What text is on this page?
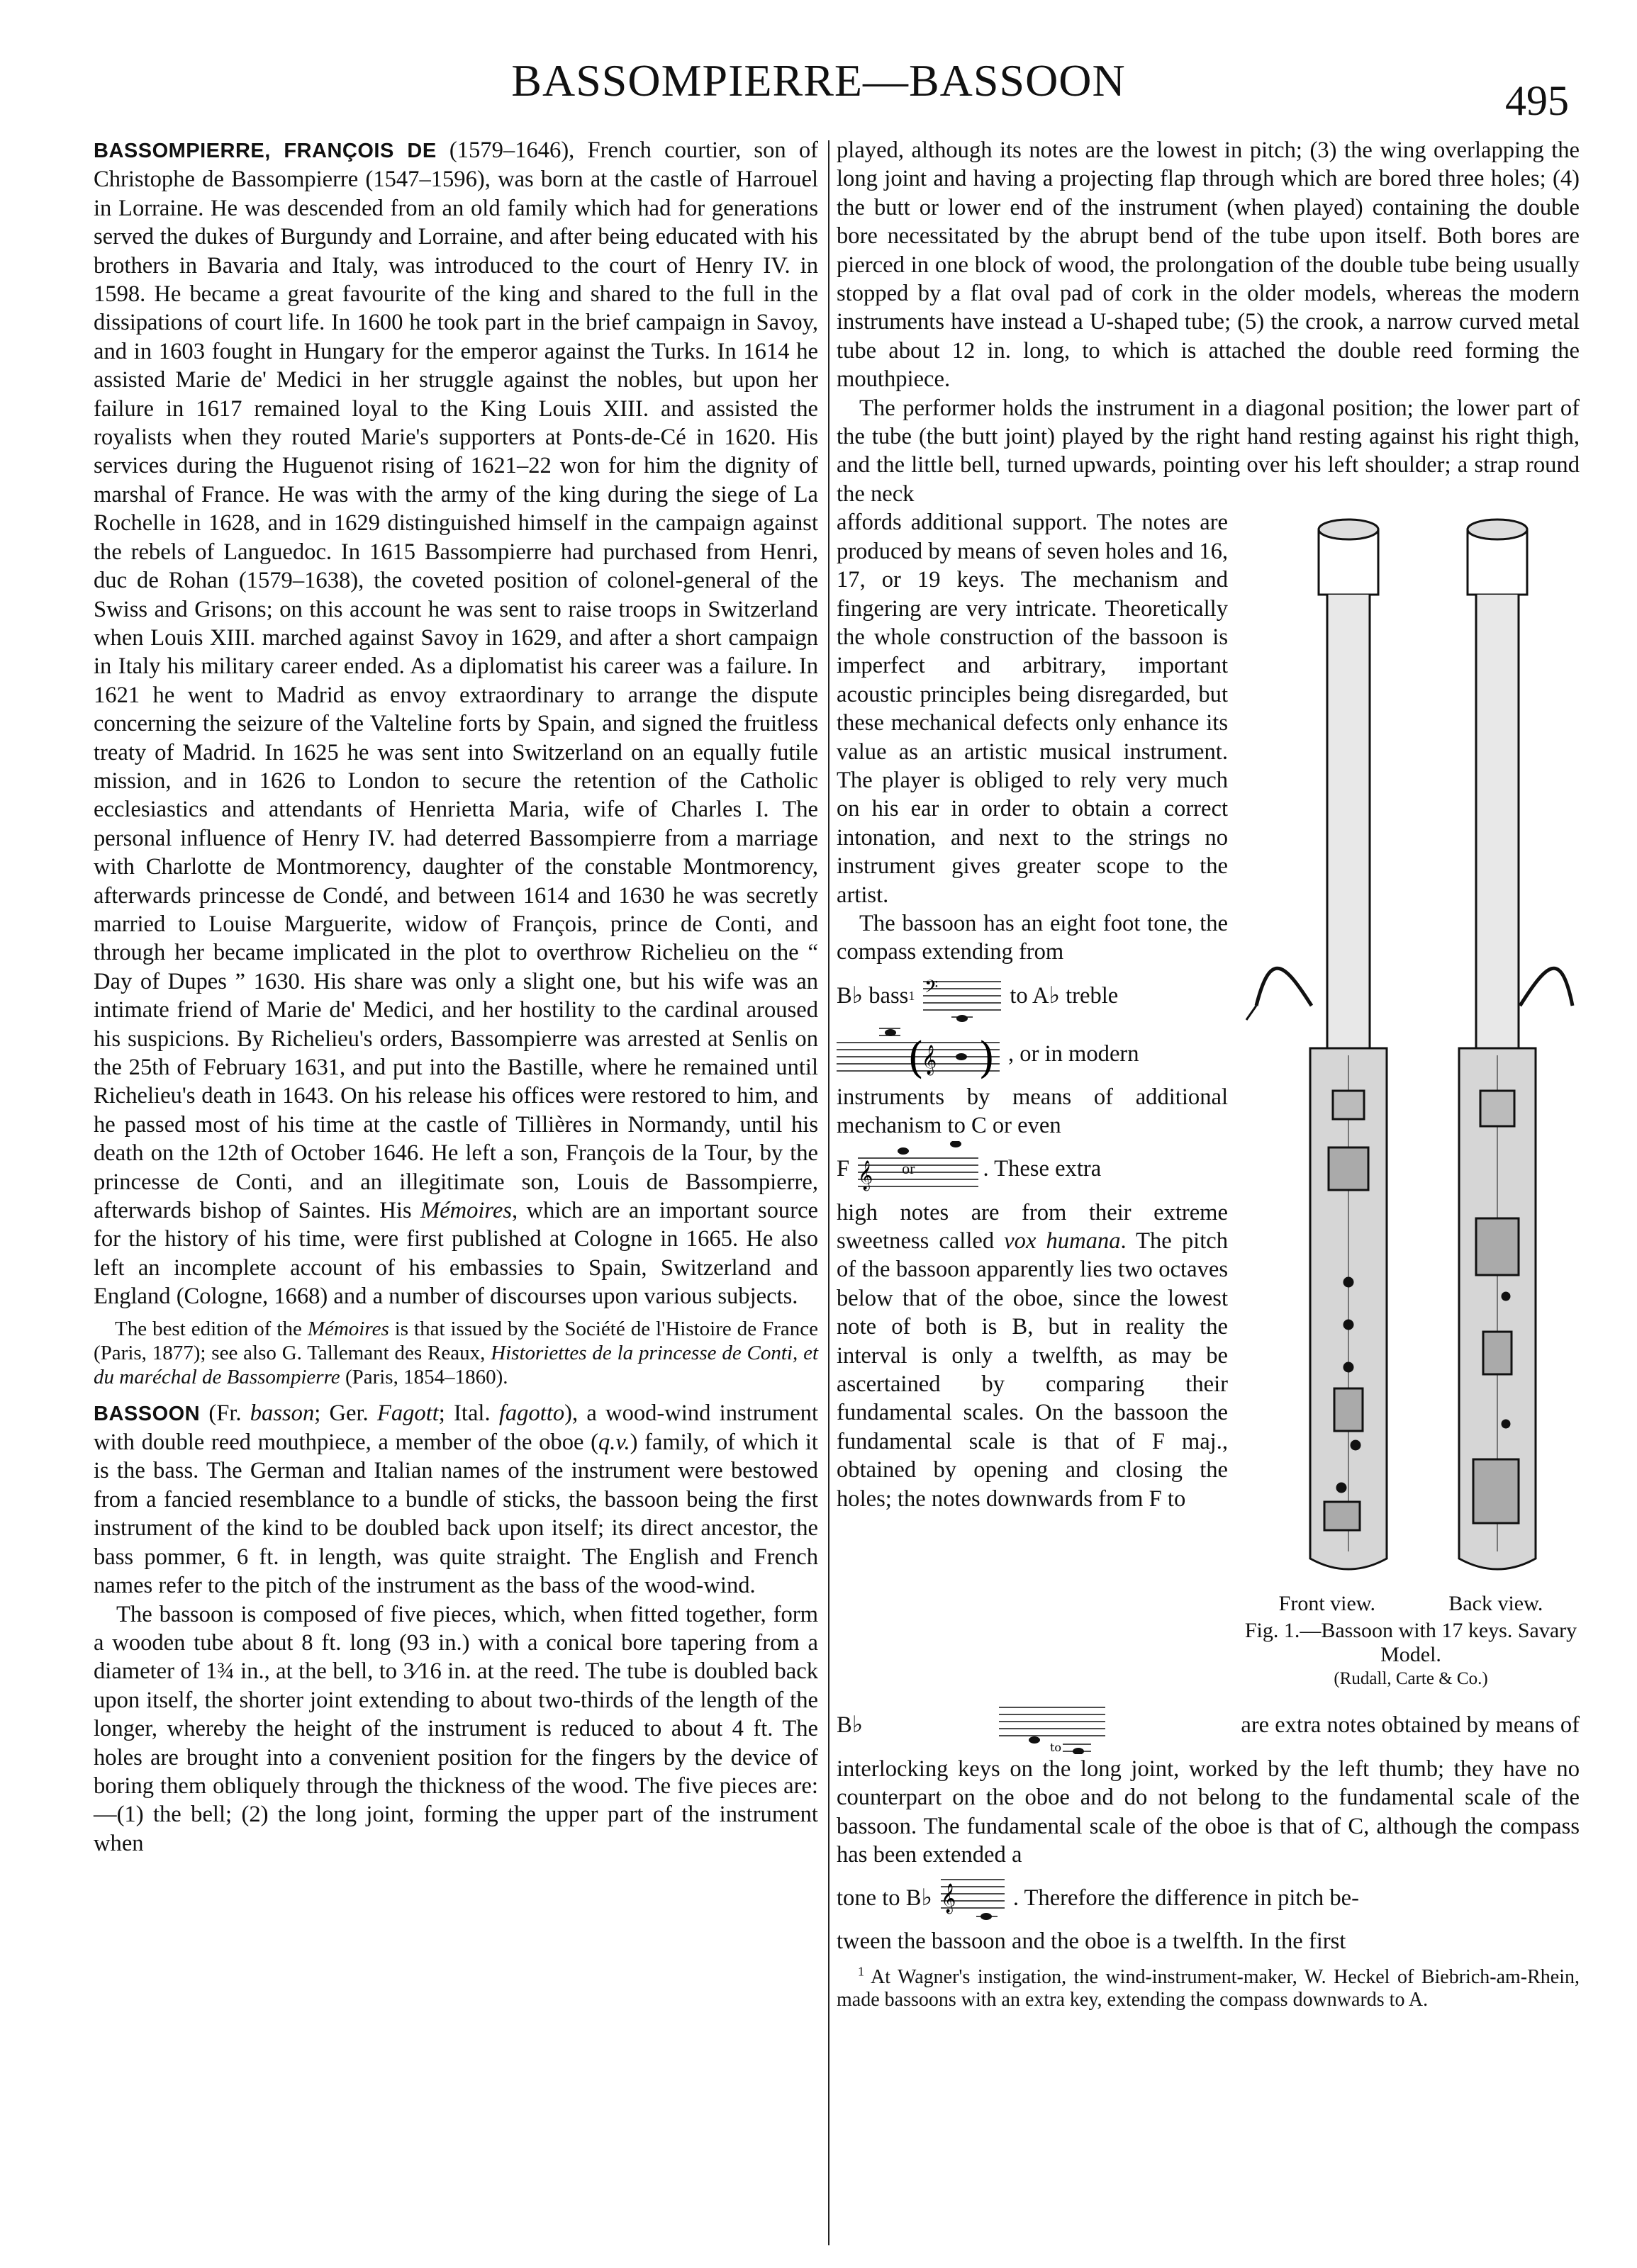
BASSOMPIERRE—BASSOON	495

BASSOMPIERRE, FRANÇOIS DE (1579–1646), French courtier, son of Christophe de Bassompierre (1547–1596), was born at the castle of Harrouel in Lorraine. He was descended from an old family which had for generations served the dukes of Burgundy and Lorraine, and after being educated with his brothers in Bavaria and Italy, was introduced to the court of Henry IV. in 1598. He became a great favourite of the king and shared to the full in the dissipations of court life. In 1600 he took part in the brief campaign in Savoy, and in 1603 fought in Hungary for the emperor against the Turks. In 1614 he assisted Marie de' Medici in her struggle against the nobles, but upon her failure in 1617 remained loyal to the King Louis XIII. and assisted the royalists when they routed Marie's supporters at Ponts-de-Cé in 1620. His services during the Huguenot rising of 1621–22 won for him the dignity of marshal of France. He was with the army of the king during the siege of La Rochelle in 1628, and in 1629 distinguished himself in the campaign against the rebels of Languedoc. In 1615 Bassompierre had purchased from Henri, duc de Rohan (1579–1638), the coveted position of colonel-general of the Swiss and Grisons; on this account he was sent to raise troops in Switzerland when Louis XIII. marched against Savoy in 1629, and after a short campaign in Italy his military career ended. As a diplomatist his career was a failure. In 1621 he went to Madrid as envoy extraordinary to arrange the dispute concerning the seizure of the Valteline forts by Spain, and signed the fruitless treaty of Madrid. In 1625 he was sent into Switzerland on an equally futile mission, and in 1626 to London to secure the retention of the Catholic ecclesiastics and attendants of Henrietta Maria, wife of Charles I. The personal influence of Henry IV. had deterred Bassompierre from a marriage with Charlotte de Montmorency, daughter of the constable Montmorency, afterwards princesse de Condé, and between 1614 and 1630 he was secretly married to Louise Marguerite, widow of François, prince de Conti, and through her became implicated in the plot to overthrow Richelieu on the “ Day of Dupes ” 1630. His share was only a slight one, but his wife was an intimate friend of Marie de' Medici, and her hostility to the cardinal aroused his suspicions. By Richelieu's orders, Bassompierre was arrested at Senlis on the 25th of February 1631, and put into the Bastille, where he remained until Richelieu's death in 1643. On his release his offices were restored to him, and he passed most of his time at the castle of Tillières in Normandy, until his death on the 12th of October 1646. He left a son, François de la Tour, by the princesse de Conti, and an illegitimate son, Louis de Bassompierre, afterwards bishop of Saintes. His Mémoires, which are an important source for the history of his time, were first published at Cologne in 1665. He also left an incomplete account of his embassies to Spain, Switzerland and England (Cologne, 1668) and a number of discourses upon various subjects.

The best edition of the Mémoires is that issued by the Société de l'Histoire de France (Paris, 1877); see also G. Tallemant des Reaux, Historiettes de la princesse de Conti, et du maréchal de Bassompierre (Paris, 1854–1860).

BASSOON (Fr. basson; Ger. Fagott; Ital. fagotto), a wood-wind instrument with double reed mouthpiece, a member of the oboe (q.v.) family, of which it is the bass. The German and Italian names of the instrument were bestowed from a fancied resemblance to a bundle of sticks, the bassoon being the first instrument of the kind to be doubled back upon itself; its direct ancestor, the bass pommer, 6 ft. in length, was quite straight. The English and French names refer to the pitch of the instrument as the bass of the wood-wind.

The bassoon is composed of five pieces, which, when fitted together, form a wooden tube about 8 ft. long (93 in.) with a conical bore tapering from a diameter of 1¾ in., at the bell, to 3⁄16 in. at the reed. The tube is doubled back upon itself, the shorter joint extending to about two-thirds of the length of the longer, whereby the height of the instrument is reduced to about 4 ft. The holes are brought into a convenient position for the fingers by the device of boring them obliquely through the thickness of the wood. The five pieces are:—(1) the bell; (2) the long joint, forming the upper part of the instrument when

played, although its notes are the lowest in pitch; (3) the wing overlapping the long joint and having a projecting flap through which are bored three holes; (4) the butt or lower end of the instrument (when played) containing the double bore necessitated by the abrupt bend of the tube upon itself. Both bores are pierced in one block of wood, the prolongation of the double tube being usually stopped by a flat oval pad of cork in the older models, whereas the modern instruments have instead a U-shaped tube; (5) the crook, a narrow curved metal tube about 12 in. long, to which is attached the double reed forming the mouthpiece.

The performer holds the instrument in a diagonal position; the lower part of the tube (the butt joint) played by the right hand resting against his right thigh, and the little bell, turned upwards, pointing over his left shoulder; a strap round the neck

Front view.	Back view.
Fig. 1.—Bassoon with 17 keys. Savary Model.
(Rudall, Carte & Co.)

affords additional support. The notes are produced by means of seven holes and 16, 17, or 19 keys. The mechanism and fingering are very intricate. Theoretically the whole construction of the bassoon is imperfect and arbitrary, important acoustic principles being disregarded, but these mechanical defects only enhance its value as an artistic musical instrument. The player is obliged to rely very much on his ear in order to obtain a correct intonation, and next to the strings no instrument gives greater scope to the artist.

The bassoon has an eight foot tone, the compass extending from

B♭ bass 1 𝄢	to A♭ treble
(
𝄞 ) , or in modern

instruments by means of additional mechanism to C or even

F 𝄞 or	. These extra

high notes are from their extreme sweetness called vox humana. The pitch of the bassoon apparently lies two octaves below that of the oboe, since the lowest note of both is B, but in reality the interval is only a twelfth, as may be ascertained by comparing their fundamental scales. On the bassoon the fundamental scale is that of F maj., obtained by opening and closing the holes; the notes downwards from F to

B♭
to
are extra notes obtained by means of

interlocking keys on the long joint, worked by the left thumb; they have no counterpart on the oboe and do not belong to the fundamental scale of the bassoon. The fundamental scale of the oboe is that of C, although the compass has been extended a

tone to B♭ 𝄞 . Therefore the difference in pitch be-

tween the bassoon and the oboe is a twelfth. In the first

$^1$ At Wagner's instigation, the wind-instrument-maker, W. Heckel of Biebrich-am-Rhein, made bassoons with an extra key, extending the compass downwards to A.
